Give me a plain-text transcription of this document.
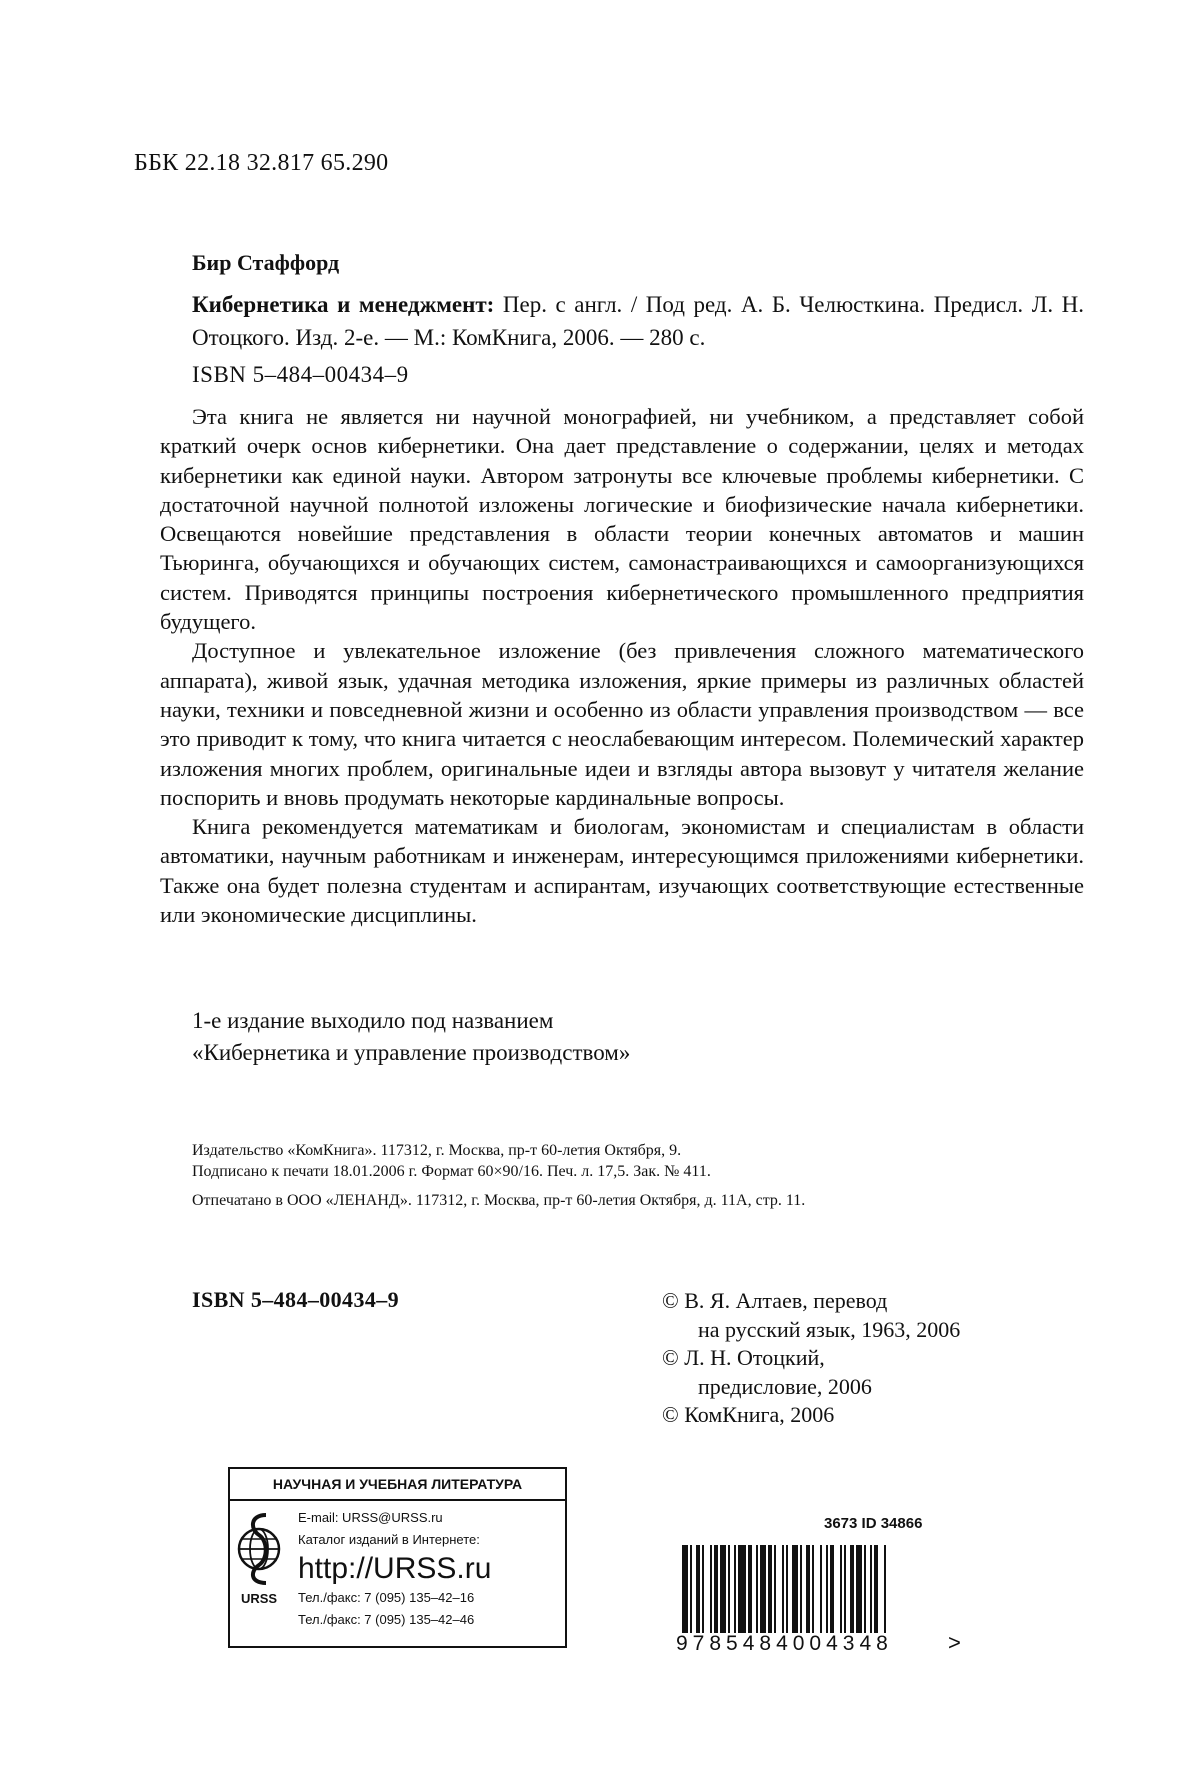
ББК 22.18 32.817 65.290
Бир Стаффорд
Кибернетика и менеджмент: Пер. с англ. / Под ред. А. Б. Челюсткина. Предисл. Л. Н. Отоцкого. Изд. 2-е. — М.: КомКнига, 2006. — 280 с.
ISBN 5–484–00434–9

Эта книга не является ни научной монографией, ни учебником, а представляет собой краткий очерк основ кибернетики. Она дает представление о содержании, целях и методах кибернетики как единой науки. Автором затронуты все ключевые проблемы кибернетики. С достаточной научной полнотой изложены логические и биофизические начала кибернетики. Освещаются новейшие представления в области теории конечных автоматов и машин Тьюринга, обучающихся и обучающих систем, самонастраивающихся и самоорганизующихся систем. Приводятся принципы построения кибернетического промышленного предприятия будущего.

Доступное и увлекательное изложение (без привлечения сложного математического аппарата), живой язык, удачная методика изложения, яркие примеры из различных областей науки, техники и повседневной жизни и особенно из области управления производством — все это приводит к тому, что книга читается с неослабевающим интересом. Полемический характер изложения многих проблем, оригинальные идеи и взгляды автора вызовут у читателя желание поспорить и вновь продумать некоторые кардинальные вопросы.

Книга рекомендуется математикам и биологам, экономистам и специалистам в области автоматики, научным работникам и инженерам, интересующимся приложениями кибернетики. Также она будет полезна студентам и аспирантам, изучающих соответствующие естественные или экономические дисциплины.

1-е издание выходило под названием
«Кибернетика и управление производством»
Издательство «КомКнига». 117312, г. Москва, пр-т 60-летия Октября, 9.
Подписано к печати 18.01.2006 г. Формат 60×90/16. Печ. л. 17,5. Зак. № 411.
Отпечатано в ООО «ЛЕНАНД». 117312, г. Москва, пр-т 60-летия Октября, д. 11А, стр. 11.
ISBN 5–484–00434–9	© В. Я. Алтаев, перевод
на русский язык, 1963, 2006
© Л. Н. Отоцкий,
предисловие, 2006
© КомКнига, 2006
НАУЧНАЯ И УЧЕБНАЯ ЛИТЕРАТУРА
URSS
E-mail: URSS@URSS.ru
Каталог изданий в Интернете:
http://URSS.ru
Тел./факс: 7 (095) 135–42–16
Тел./факс: 7 (095) 135–42–46
3673 ID 34866
9785484004348	>
